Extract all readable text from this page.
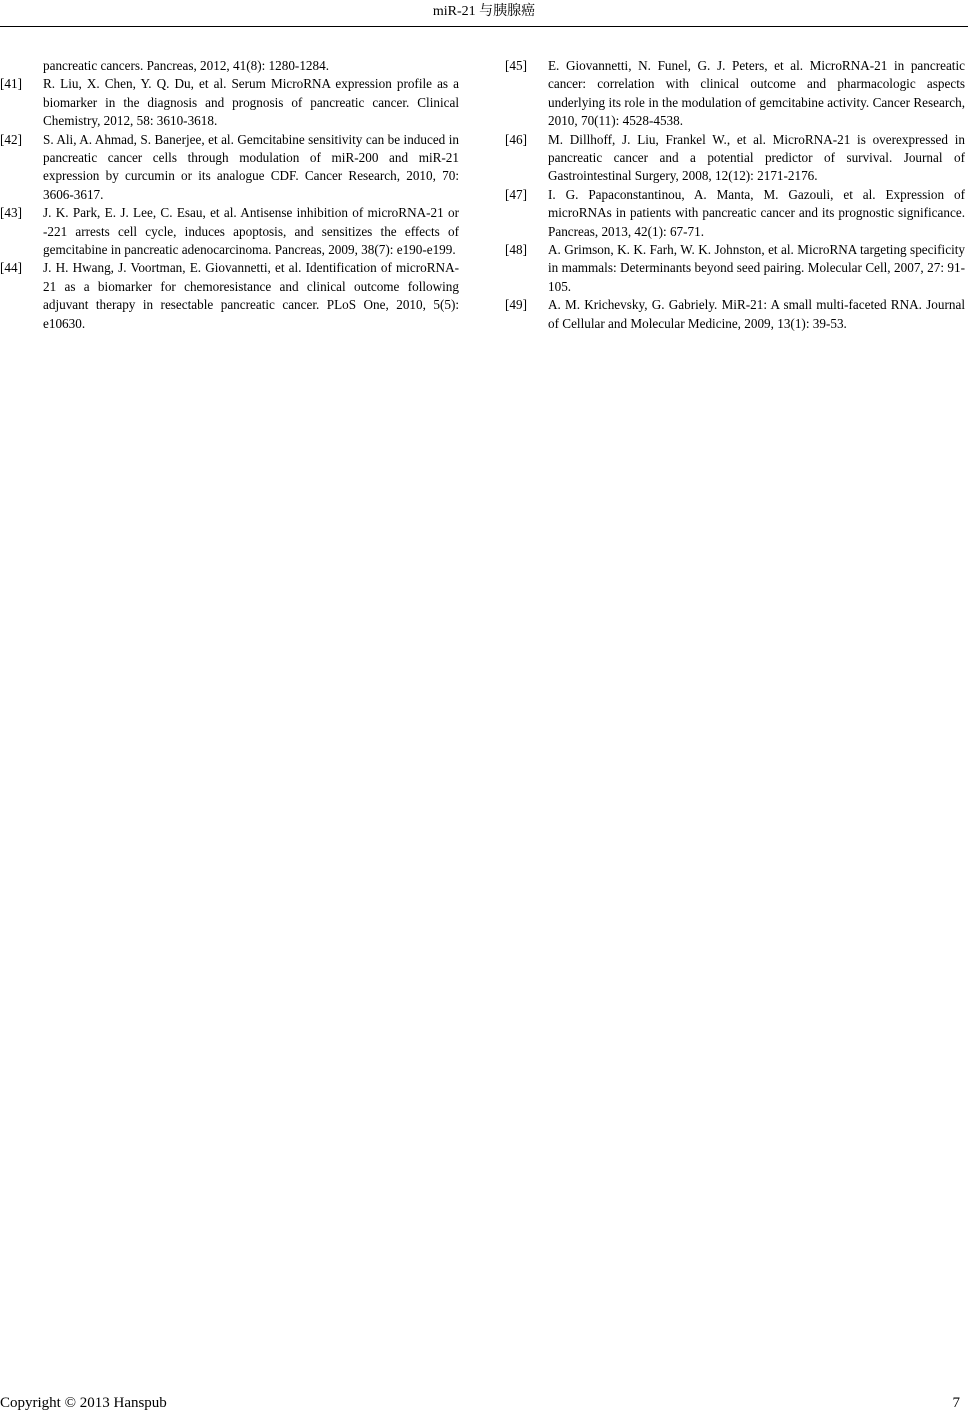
miR-21 与胰腺癌
pancreatic cancers. Pancreas, 2012, 41(8): 1280-1284.
[41] R. Liu, X. Chen, Y. Q. Du, et al. Serum MicroRNA expression profile as a biomarker in the diagnosis and prognosis of pancreatic cancer. Clinical Chemistry, 2012, 58: 3610-3618.
[42] S. Ali, A. Ahmad, S. Banerjee, et al. Gemcitabine sensitivity can be induced in pancreatic cancer cells through modulation of miR-200 and miR-21 expression by curcumin or its analogue CDF. Cancer Research, 2010, 70: 3606-3617.
[43] J. K. Park, E. J. Lee, C. Esau, et al. Antisense inhibition of microRNA-21 or -221 arrests cell cycle, induces apoptosis, and sensitizes the effects of gemcitabine in pancreatic adenocarcinoma. Pancreas, 2009, 38(7): e190-e199.
[44] J. H. Hwang, J. Voortman, E. Giovannetti, et al. Identification of microRNA-21 as a biomarker for chemoresistance and clinical outcome following adjuvant therapy in resectable pancreatic cancer. PLoS One, 2010, 5(5): e10630.
[45] E. Giovannetti, N. Funel, G. J. Peters, et al. MicroRNA-21 in pancreatic cancer: correlation with clinical outcome and pharmacologic aspects underlying its role in the modulation of gemcitabine activity. Cancer Research, 2010, 70(11): 4528-4538.
[46] M. Dillhoff, J. Liu, Frankel W., et al. MicroRNA-21 is overexpressed in pancreatic cancer and a potential predictor of survival. Journal of Gastrointestinal Surgery, 2008, 12(12): 2171-2176.
[47] I. G. Papaconstantinou, A. Manta, M. Gazouli, et al. Expression of microRNAs in patients with pancreatic cancer and its prognostic significance. Pancreas, 2013, 42(1): 67-71.
[48] A. Grimson, K. K. Farh, W. K. Johnston, et al. MicroRNA targeting specificity in mammals: Determinants beyond seed pairing. Molecular Cell, 2007, 27: 91-105.
[49] A. M. Krichevsky, G. Gabriely. MiR-21: A small multi-faceted RNA. Journal of Cellular and Molecular Medicine, 2009, 13(1): 39-53.
Copyright © 2013 Hanspub	7
